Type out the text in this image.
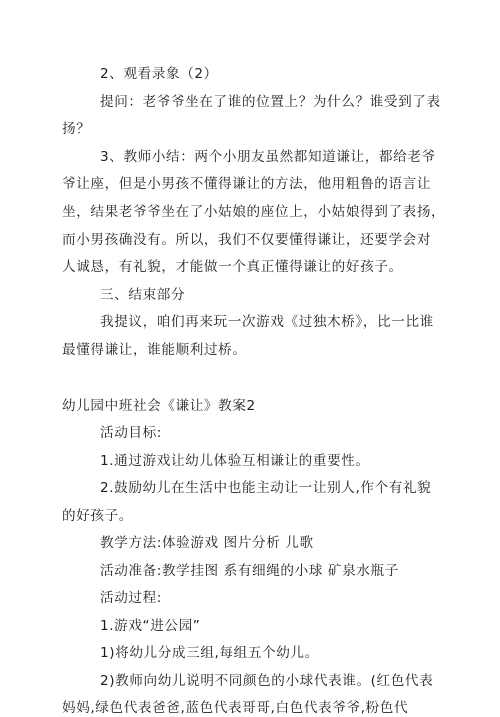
2、观看录象（2）
提问：老爷爷坐在了谁的位置上？为什么？谁受到了表
扬？
3、教师小结：两个小朋友虽然都知道谦让，都给老爷
爷让座，但是小男孩不懂得谦让的方法，他用粗鲁的语言让
坐，结果老爷爷坐在了小姑娘的座位上，小姑娘得到了表扬，
而小男孩确没有。所以，我们不仅要懂得谦让，还要学会对
人诚恳，有礼貌，才能做一个真正懂得谦让的好孩子。
三、结束部分
我提议，咱们再来玩一次游戏《过独木桥》，比一比谁
最懂得谦让，谁能顺利过桥。
幼儿园中班社会《谦让》教案2
活动目标:
1.通过游戏让幼儿体验互相谦让的重要性。
2.鼓励幼儿在生活中也能主动让一让别人,作个有礼貌
的好孩子。
教学方法:体验游戏 图片分析 儿歌
活动准备:教学挂图 系有细绳的小球 矿泉水瓶子
活动过程:
1.游戏“进公园”
1)将幼儿分成三组,每组五个幼儿。
2)教师向幼儿说明不同颜色的小球代表谁。(红色代表
妈妈,绿色代表爸爸,蓝色代表哥哥,白色代表爷爷,粉色代
